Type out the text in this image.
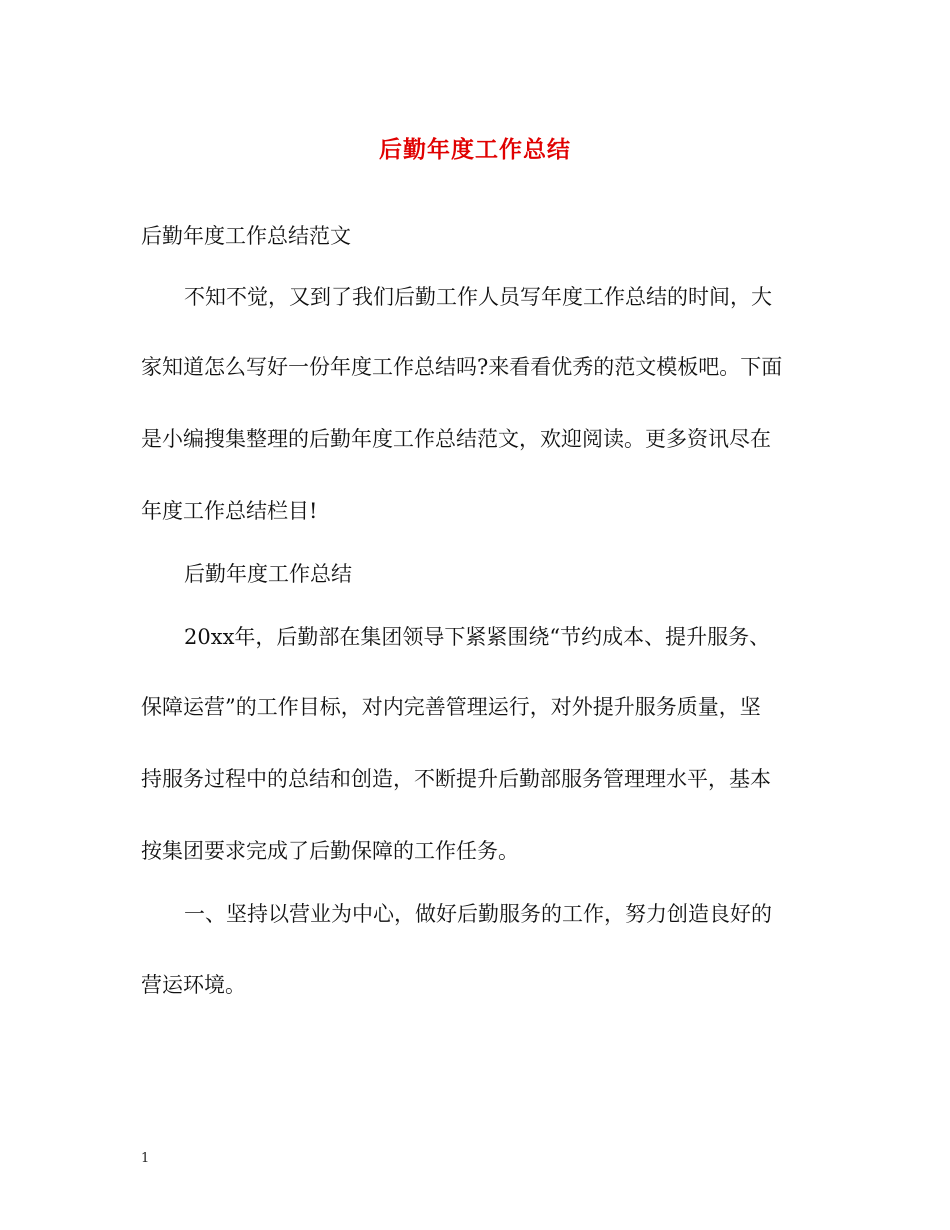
后勤年度工作总结

后勤年度工作总结范文

不知不觉，又到了我们后勤工作人员写年度工作总结的时间，大

家知道怎么写好一份年度工作总结吗?来看看优秀的范文模板吧。下面

是小编搜集整理的后勤年度工作总结范文，欢迎阅读。更多资讯尽在

年度工作总结栏目!

后勤年度工作总结

20xx年，后勤部在集团领导下紧紧围绕“节约成本、提升服务、

保障运营”的工作目标，对内完善管理运行，对外提升服务质量，坚

持服务过程中的总结和创造，不断提升后勤部服务管理理水平，基本

按集团要求完成了后勤保障的工作任务。

一、坚持以营业为中心，做好后勤服务的工作，努力创造良好的

营运环境。

1
